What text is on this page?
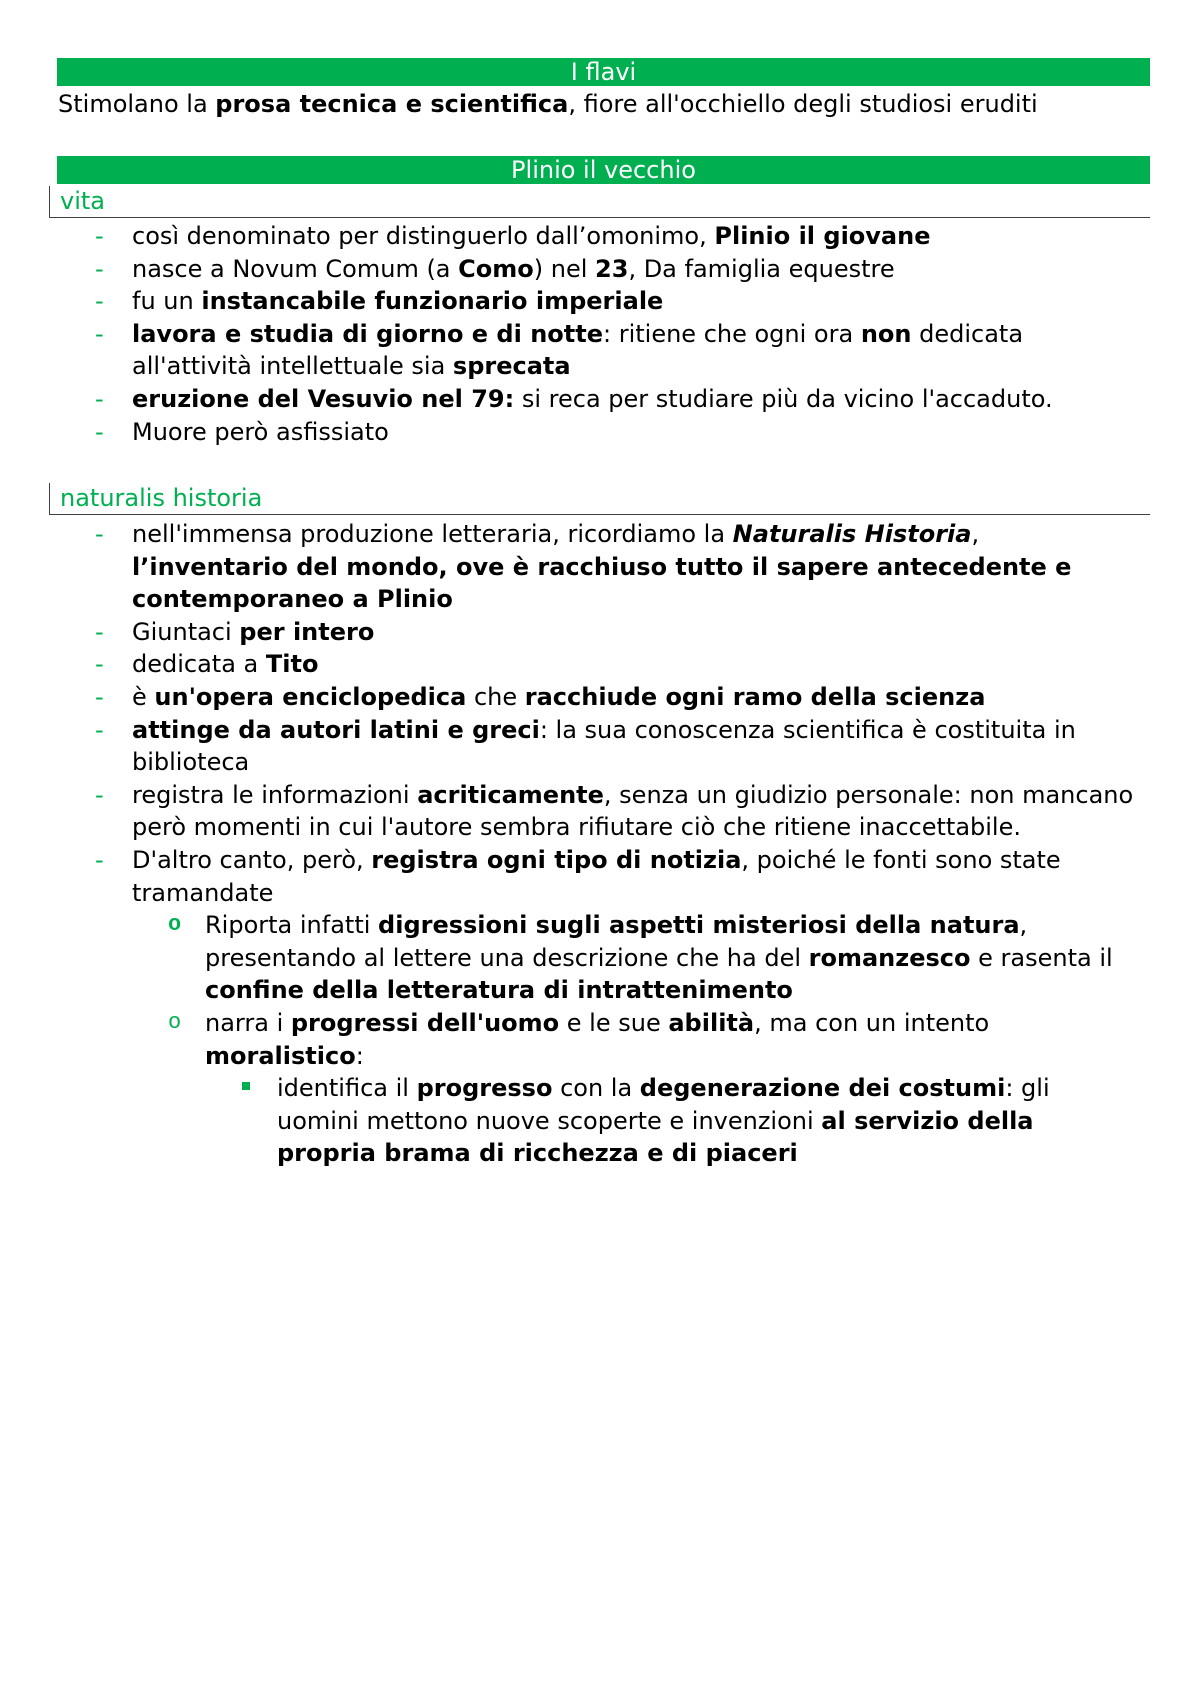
I flavi
Stimolano la prosa tecnica e scientifica, fiore all'occhiello degli studiosi eruditi
Plinio il vecchio
vita
- così denominato per distinguerlo dall’omonimo, Plinio il giovane
- nasce a Novum Comum (a Como) nel 23, Da famiglia equestre
- fu un instancabile funzionario imperiale
- lavora e studia di giorno e di notte: ritiene che ogni ora non dedicata
all'attività intellettuale sia sprecata
- eruzione del Vesuvio nel 79: si reca per studiare più da vicino l'accaduto.
- Muore però asfissiato
naturalis historia
- nell'immensa produzione letteraria, ricordiamo la Naturalis Historia,
l’inventario del mondo, ove è racchiuso tutto il sapere antecedente e
contemporaneo a Plinio
- Giuntaci per intero
- dedicata a Tito
- è un'opera enciclopedica che racchiude ogni ramo della scienza
- attinge da autori latini e greci: la sua conoscenza scientifica è costituita in
biblioteca
- registra le informazioni acriticamente, senza un giudizio personale: non mancano
però momenti in cui l'autore sembra rifiutare ciò che ritiene inaccettabile.
- D'altro canto, però, registra ogni tipo di notizia, poiché le fonti sono state
tramandate
o Riporta infatti digressioni sugli aspetti misteriosi della natura,
presentando al lettere una descrizione che ha del romanzesco e rasenta il
confine della letteratura di intrattenimento
o narra i progressi dell'uomo e le sue abilità, ma con un intento
moralistico:
identifica il progresso con la degenerazione dei costumi: gli
uomini mettono nuove scoperte e invenzioni al servizio della
propria brama di ricchezza e di piaceri
